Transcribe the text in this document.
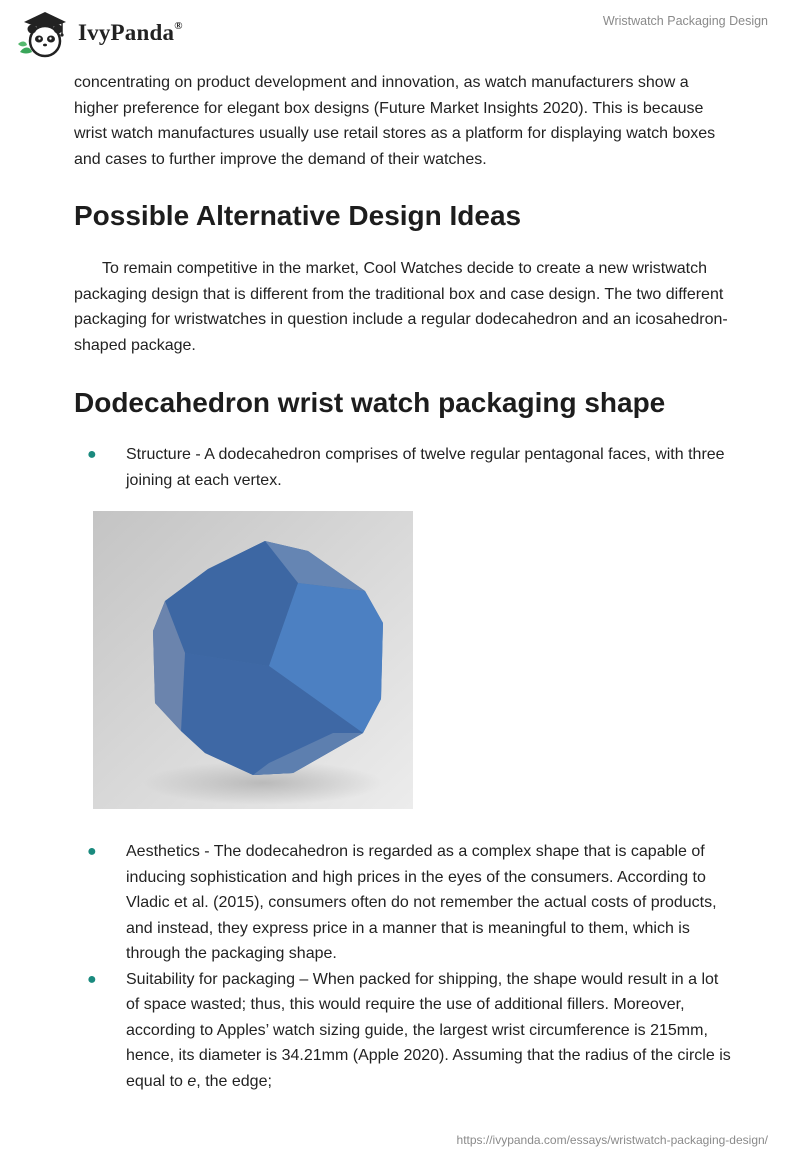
IvyPanda®	Wristwatch Packaging Design

concentrating on product development and innovation, as watch manufacturers show a higher preference for elegant box designs (Future Market Insights 2020). This is because wrist watch manufactures usually use retail stores as a platform for displaying watch boxes and cases to further improve the demand of their watches.

Possible Alternative Design Ideas

To remain competitive in the market, Cool Watches decide to create a new wristwatch packaging design that is different from the traditional box and case design. The two different packaging for wristwatches in question include a regular dodecahedron and an icosahedron-shaped package.

Dodecahedron wrist watch packaging shape
● Structure - A dodecahedron comprises of twelve regular pentagonal faces, with three joining at each vertex.
● Aesthetics - The dodecahedron is regarded as a complex shape that is capable of inducing sophistication and high prices in the eyes of the consumers. According to Vladic et al. (2015), consumers often do not remember the actual costs of products, and instead, they express price in a manner that is meaningful to them, which is through the packaging shape.
● Suitability for packaging – When packed for shipping, the shape would result in a lot of space wasted; thus, this would require the use of additional fillers. Moreover, according to Apples’ watch sizing guide, the largest wrist circumference is 215mm, hence, its diameter is 34.21mm (Apple 2020). Assuming that the radius of the circle is equal to e, the edge;
https://ivypanda.com/essays/wristwatch-packaging-design/
